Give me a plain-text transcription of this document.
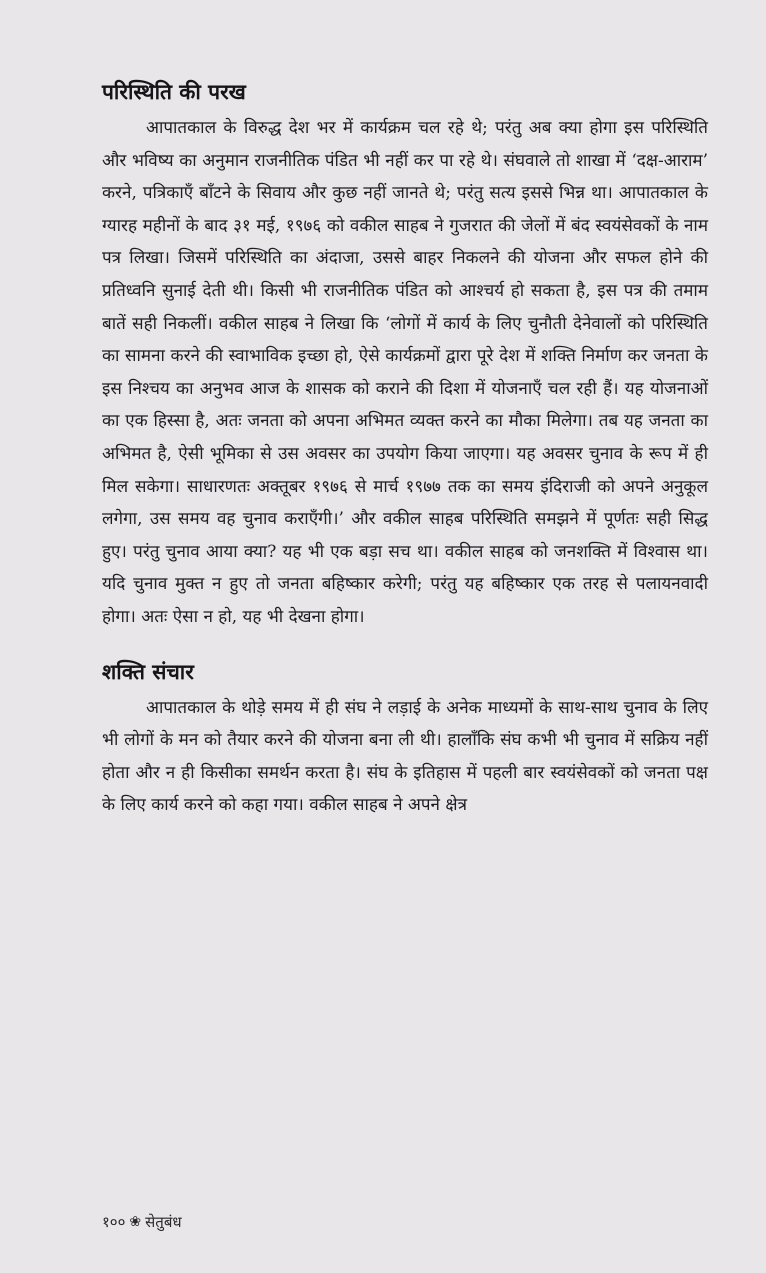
परिस्थिति की परख

आपातकाल के विरुद्ध देश भर में कार्यक्रम चल रहे थे; परंतु अब क्या होगा इस परिस्थिति और भविष्य का अनुमान राजनीतिक पंडित भी नहीं कर पा रहे थे। संघवाले तो शाखा में ‘दक्ष-आराम’ करने, पत्रिकाएँ बाँटने के सिवाय और कुछ नहीं जानते थे; परंतु सत्य इससे भिन्न था। आपातकाल के ग्यारह महीनों के बाद ३१ मई, १९७६ को वकील साहब ने गुजरात की जेलों में बंद स्वयंसेवकों के नाम पत्र लिखा। जिसमें परिस्थिति का अंदाजा, उससे बाहर निकलने की योजना और सफल होने की प्रतिध्वनि सुनाई देती थी। किसी भी राजनीतिक पंडित को आश्चर्य हो सकता है, इस पत्र की तमाम बातें सही निकलीं। वकील साहब ने लिखा कि ‘लोगों में कार्य के लिए चुनौती देनेवालों को परिस्थिति का सामना करने की स्वाभाविक इच्छा हो, ऐसे कार्यक्रमों द्वारा पूरे देश में शक्ति निर्माण कर जनता के इस निश्चय का अनुभव आज के शासक को कराने की दिशा में योजनाएँ चल रही हैं। यह योजनाओं का एक हिस्सा है, अतः जनता को अपना अभिमत व्यक्त करने का मौका मिलेगा। तब यह जनता का अभिमत है, ऐसी भूमिका से उस अवसर का उपयोग किया जाएगा। यह अवसर चुनाव के रूप में ही मिल सकेगा। साधारणतः अक्तूबर १९७६ से मार्च १९७७ तक का समय इंदिराजी को अपने अनुकूल लगेगा, उस समय वह चुनाव कराएँगी।’ और वकील साहब परिस्थिति समझने में पूर्णतः सही सिद्ध हुए। परंतु चुनाव आया क्या? यह भी एक बड़ा सच था। वकील साहब को जनशक्ति में विश्वास था। यदि चुनाव मुक्त न हुए तो जनता बहिष्कार करेगी; परंतु यह बहिष्कार एक तरह से पलायनवादी होगा। अतः ऐसा न हो, यह भी देखना होगा।

शक्ति संचार

आपातकाल के थोड़े समय में ही संघ ने लड़ाई के अनेक माध्यमों के साथ-साथ चुनाव के लिए भी लोगों के मन को तैयार करने की योजना बना ली थी। हालाँकि संघ कभी भी चुनाव में सक्रिय नहीं होता और न ही किसीका समर्थन करता है। संघ के इतिहास में पहली बार स्वयंसेवकों को जनता पक्ष के लिए कार्य करने को कहा गया। वकील साहब ने अपने क्षेत्र

१०० ❀ सेतुबंध
